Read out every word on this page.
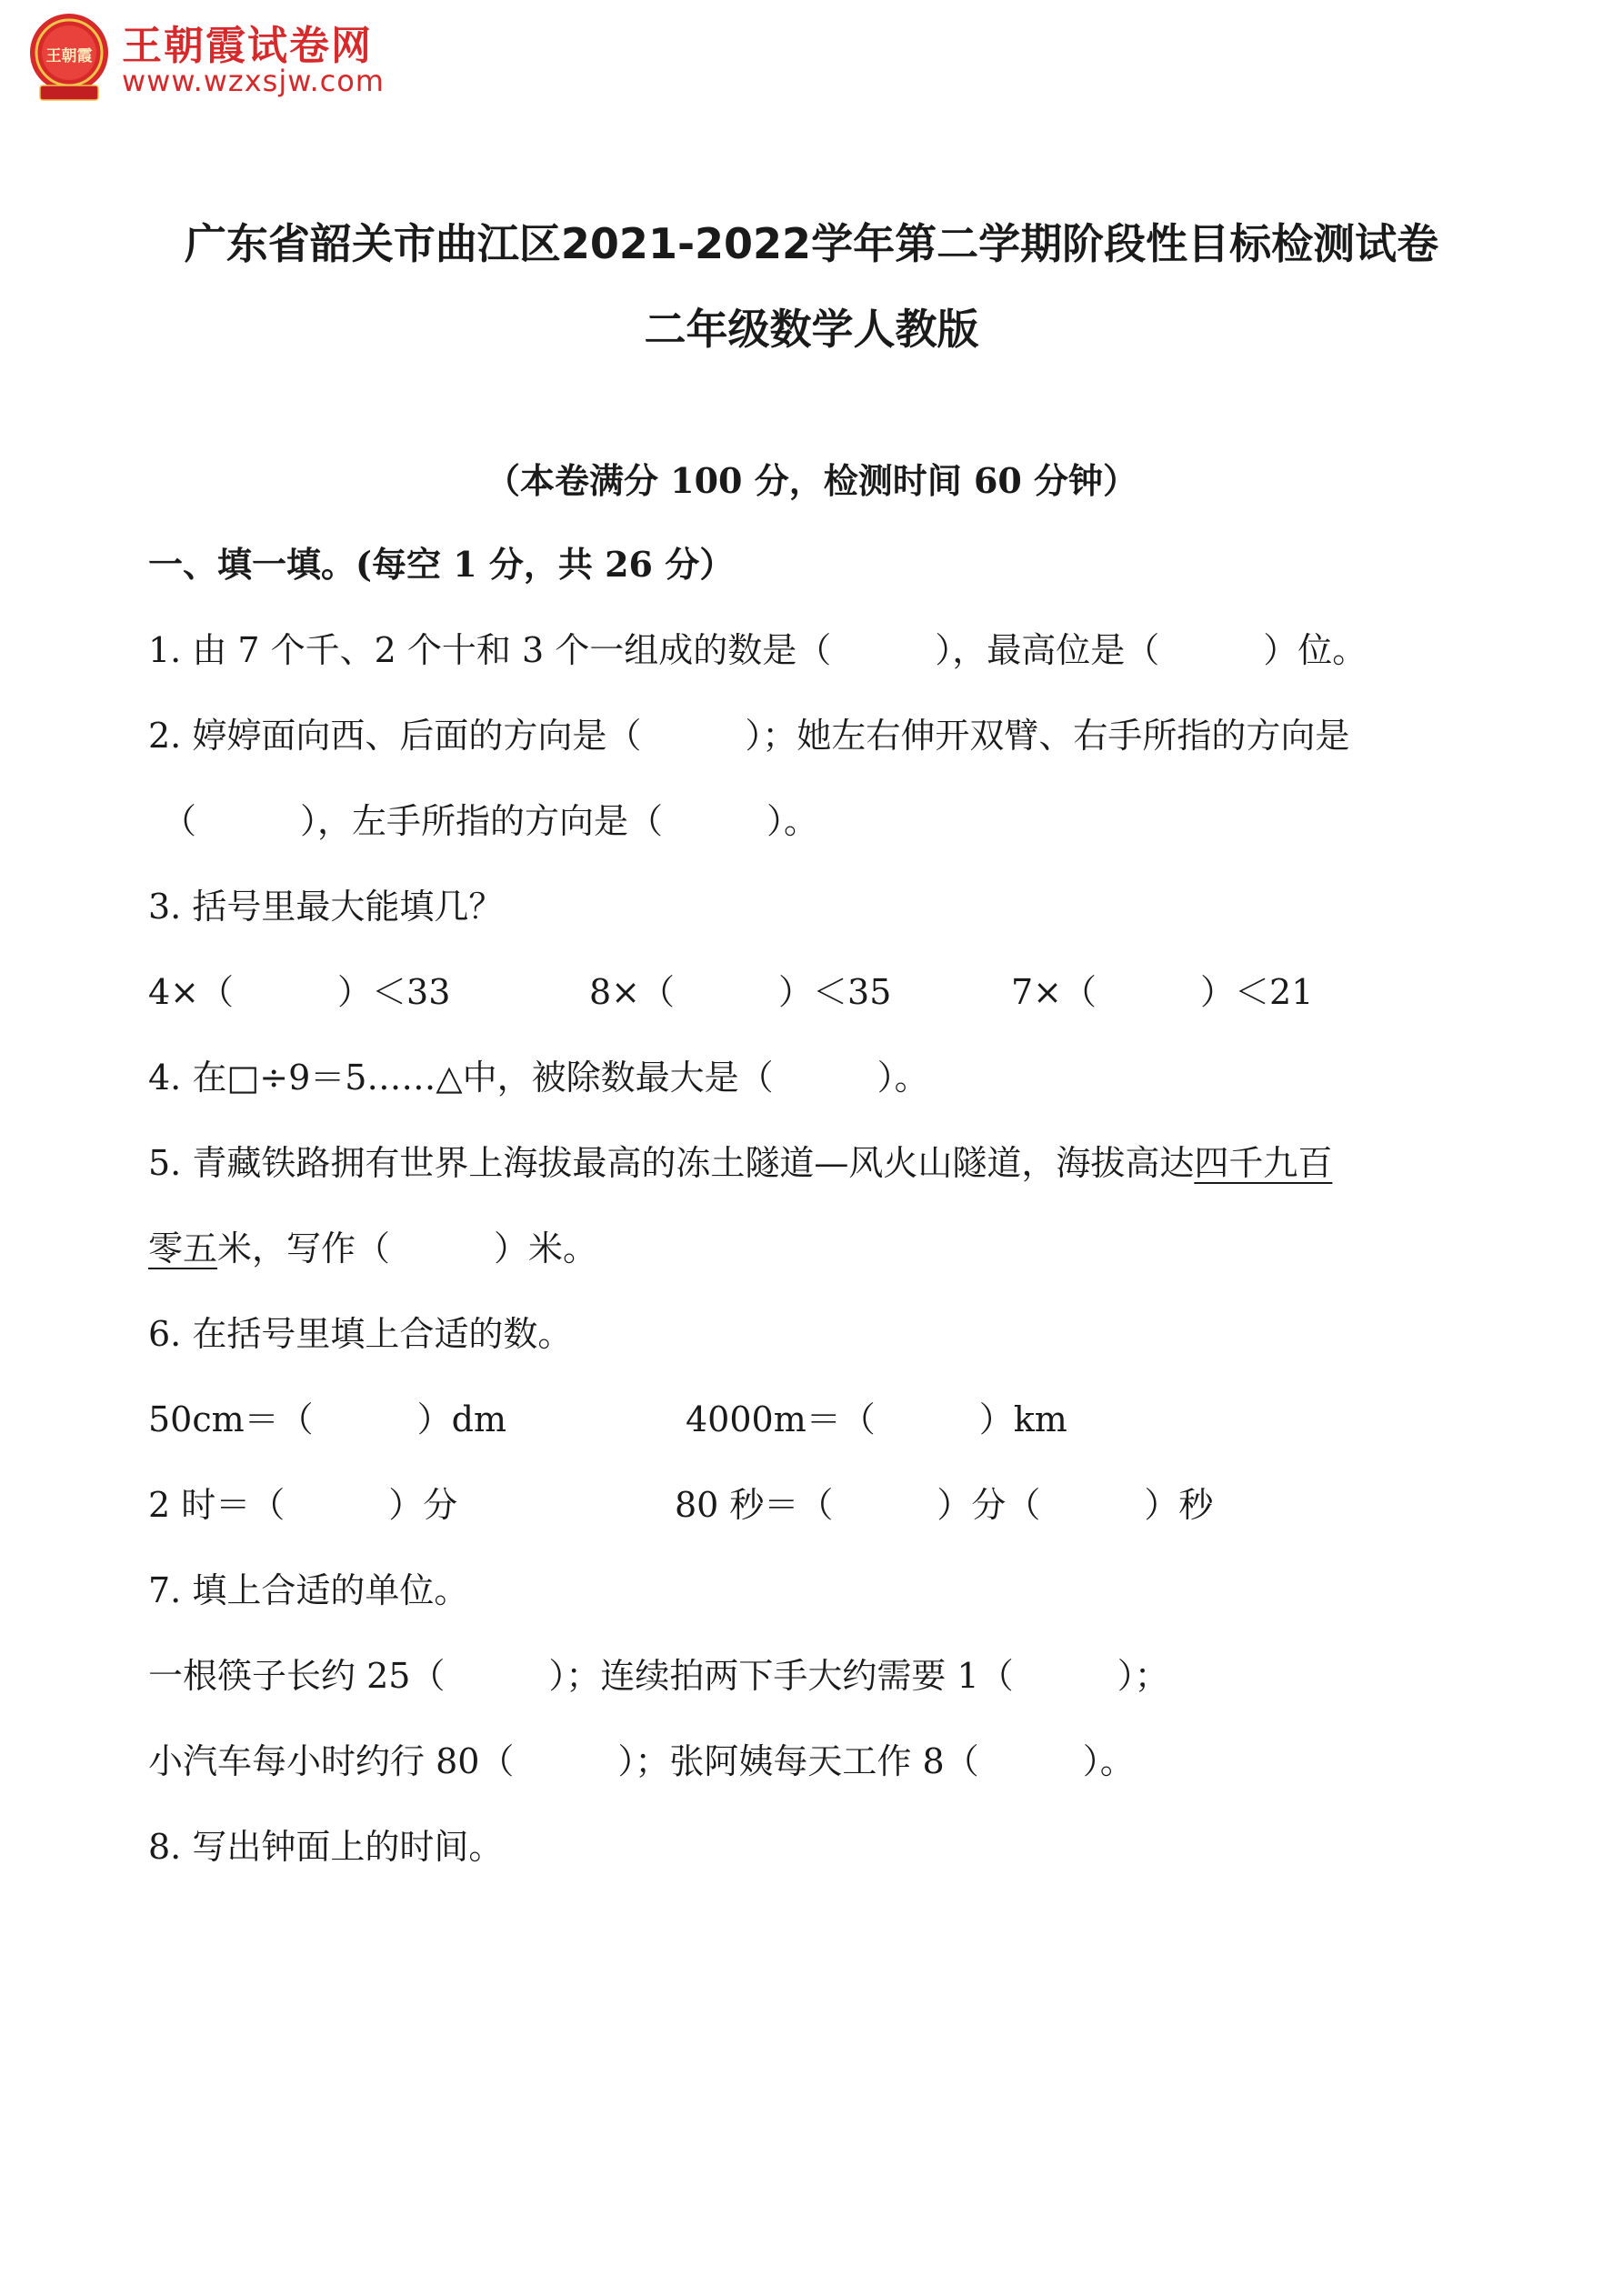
王朝霞 王朝霞试卷网
www.wzxsjw.com
广东省韶关市曲江区2021-2022学年第二学期阶段性目标检测试卷
二年级数学人教版
（本卷满分 100 分，检测时间 60 分钟）
一、填一填。(每空 1 分，共 26 分）
1. 由 7 个千、2 个十和 3 个一组成的数是（　　　），最高位是（　　　）位。
2. 婷婷面向西、后面的方向是（　　　）；她左右伸开双臂、右手所指的方向是
（　　　），左手所指的方向是（　　　）。
3. 括号里最大能填几？
4×（　　　）＜33	8×（　　　）＜35	7×（　　　）＜21
4. 在□÷9＝5……△中，被除数最大是（　　　）。
5. 青藏铁路拥有世界上海拔最高的冻土隧道—风火山隧道，海拔高达四千九百
零五米，写作（　　　）米。
6. 在括号里填上合适的数。
50cm＝（　　　）dm	4000m＝（　　　）km
2 时＝（　　　）分	80 秒＝（　　　）分（　　　）秒
7. 填上合适的单位。
一根筷子长约 25（　　　）；连续拍两下手大约需要 1（　　　）；
小汽车每小时约行 80（　　　）；张阿姨每天工作 8（　　　）。
8. 写出钟面上的时间。
